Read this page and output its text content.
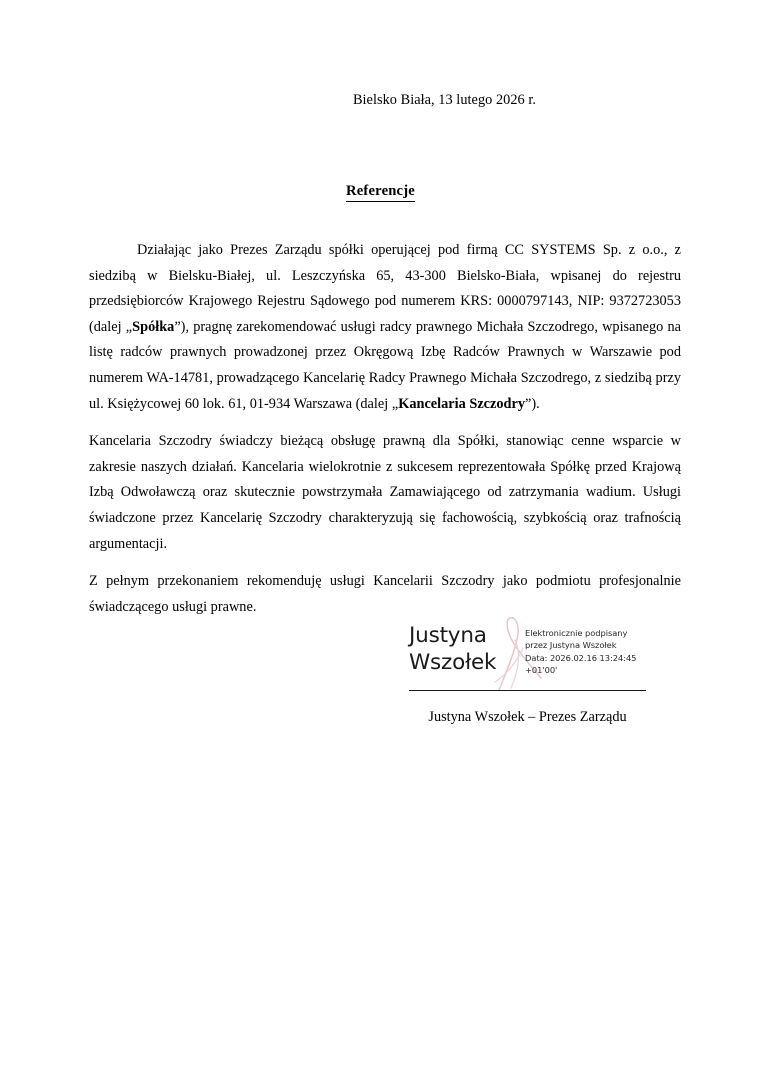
Bielsko Biała, 13 lutego 2026 r.
Referencje

Działając jako Prezes Zarządu spółki operującej pod firmą CC SYSTEMS Sp. z o.o., z siedzibą w Bielsku-Białej, ul. Leszczyńska 65, 43-300 Bielsko-Biała, wpisanej do rejestru przedsiębiorców Krajowego Rejestru Sądowego pod numerem KRS: 0000797143, NIP: 9372723053 (dalej „Spółka”), pragnę zarekomendować usługi radcy prawnego Michała Szczodrego, wpisanego na listę radców prawnych prowadzonej przez Okręgową Izbę Radców Prawnych w Warszawie pod numerem WA-14781, prowadzącego Kancelarię Radcy Prawnego Michała Szczodrego, z siedzibą przy ul. Księżycowej 60 lok. 61, 01-934 Warszawa (dalej „Kancelaria Szczodry”).

Kancelaria Szczodry świadczy bieżącą obsługę prawną dla Spółki, stanowiąc cenne wsparcie w zakresie naszych działań. Kancelaria wielokrotnie z sukcesem reprezentowała Spółkę przed Krajową Izbą Odwoławczą oraz skutecznie powstrzymała Zamawiającego od zatrzymania wadium. Usługi świadczone przez Kancelarię Szczodry charakteryzują się fachowością, szybkością oraz trafnością argumentacji.

Z pełnym przekonaniem rekomenduję usługi Kancelarii Szczodry jako podmiotu profesjonalnie świadczącego usługi prawne.

Justyna
Wszołek
Elektronicznie podpisany
przez Justyna Wszołek
Data: 2026.02.16 13:24:45
+01'00'
Justyna Wszołek – Prezes Zarządu
